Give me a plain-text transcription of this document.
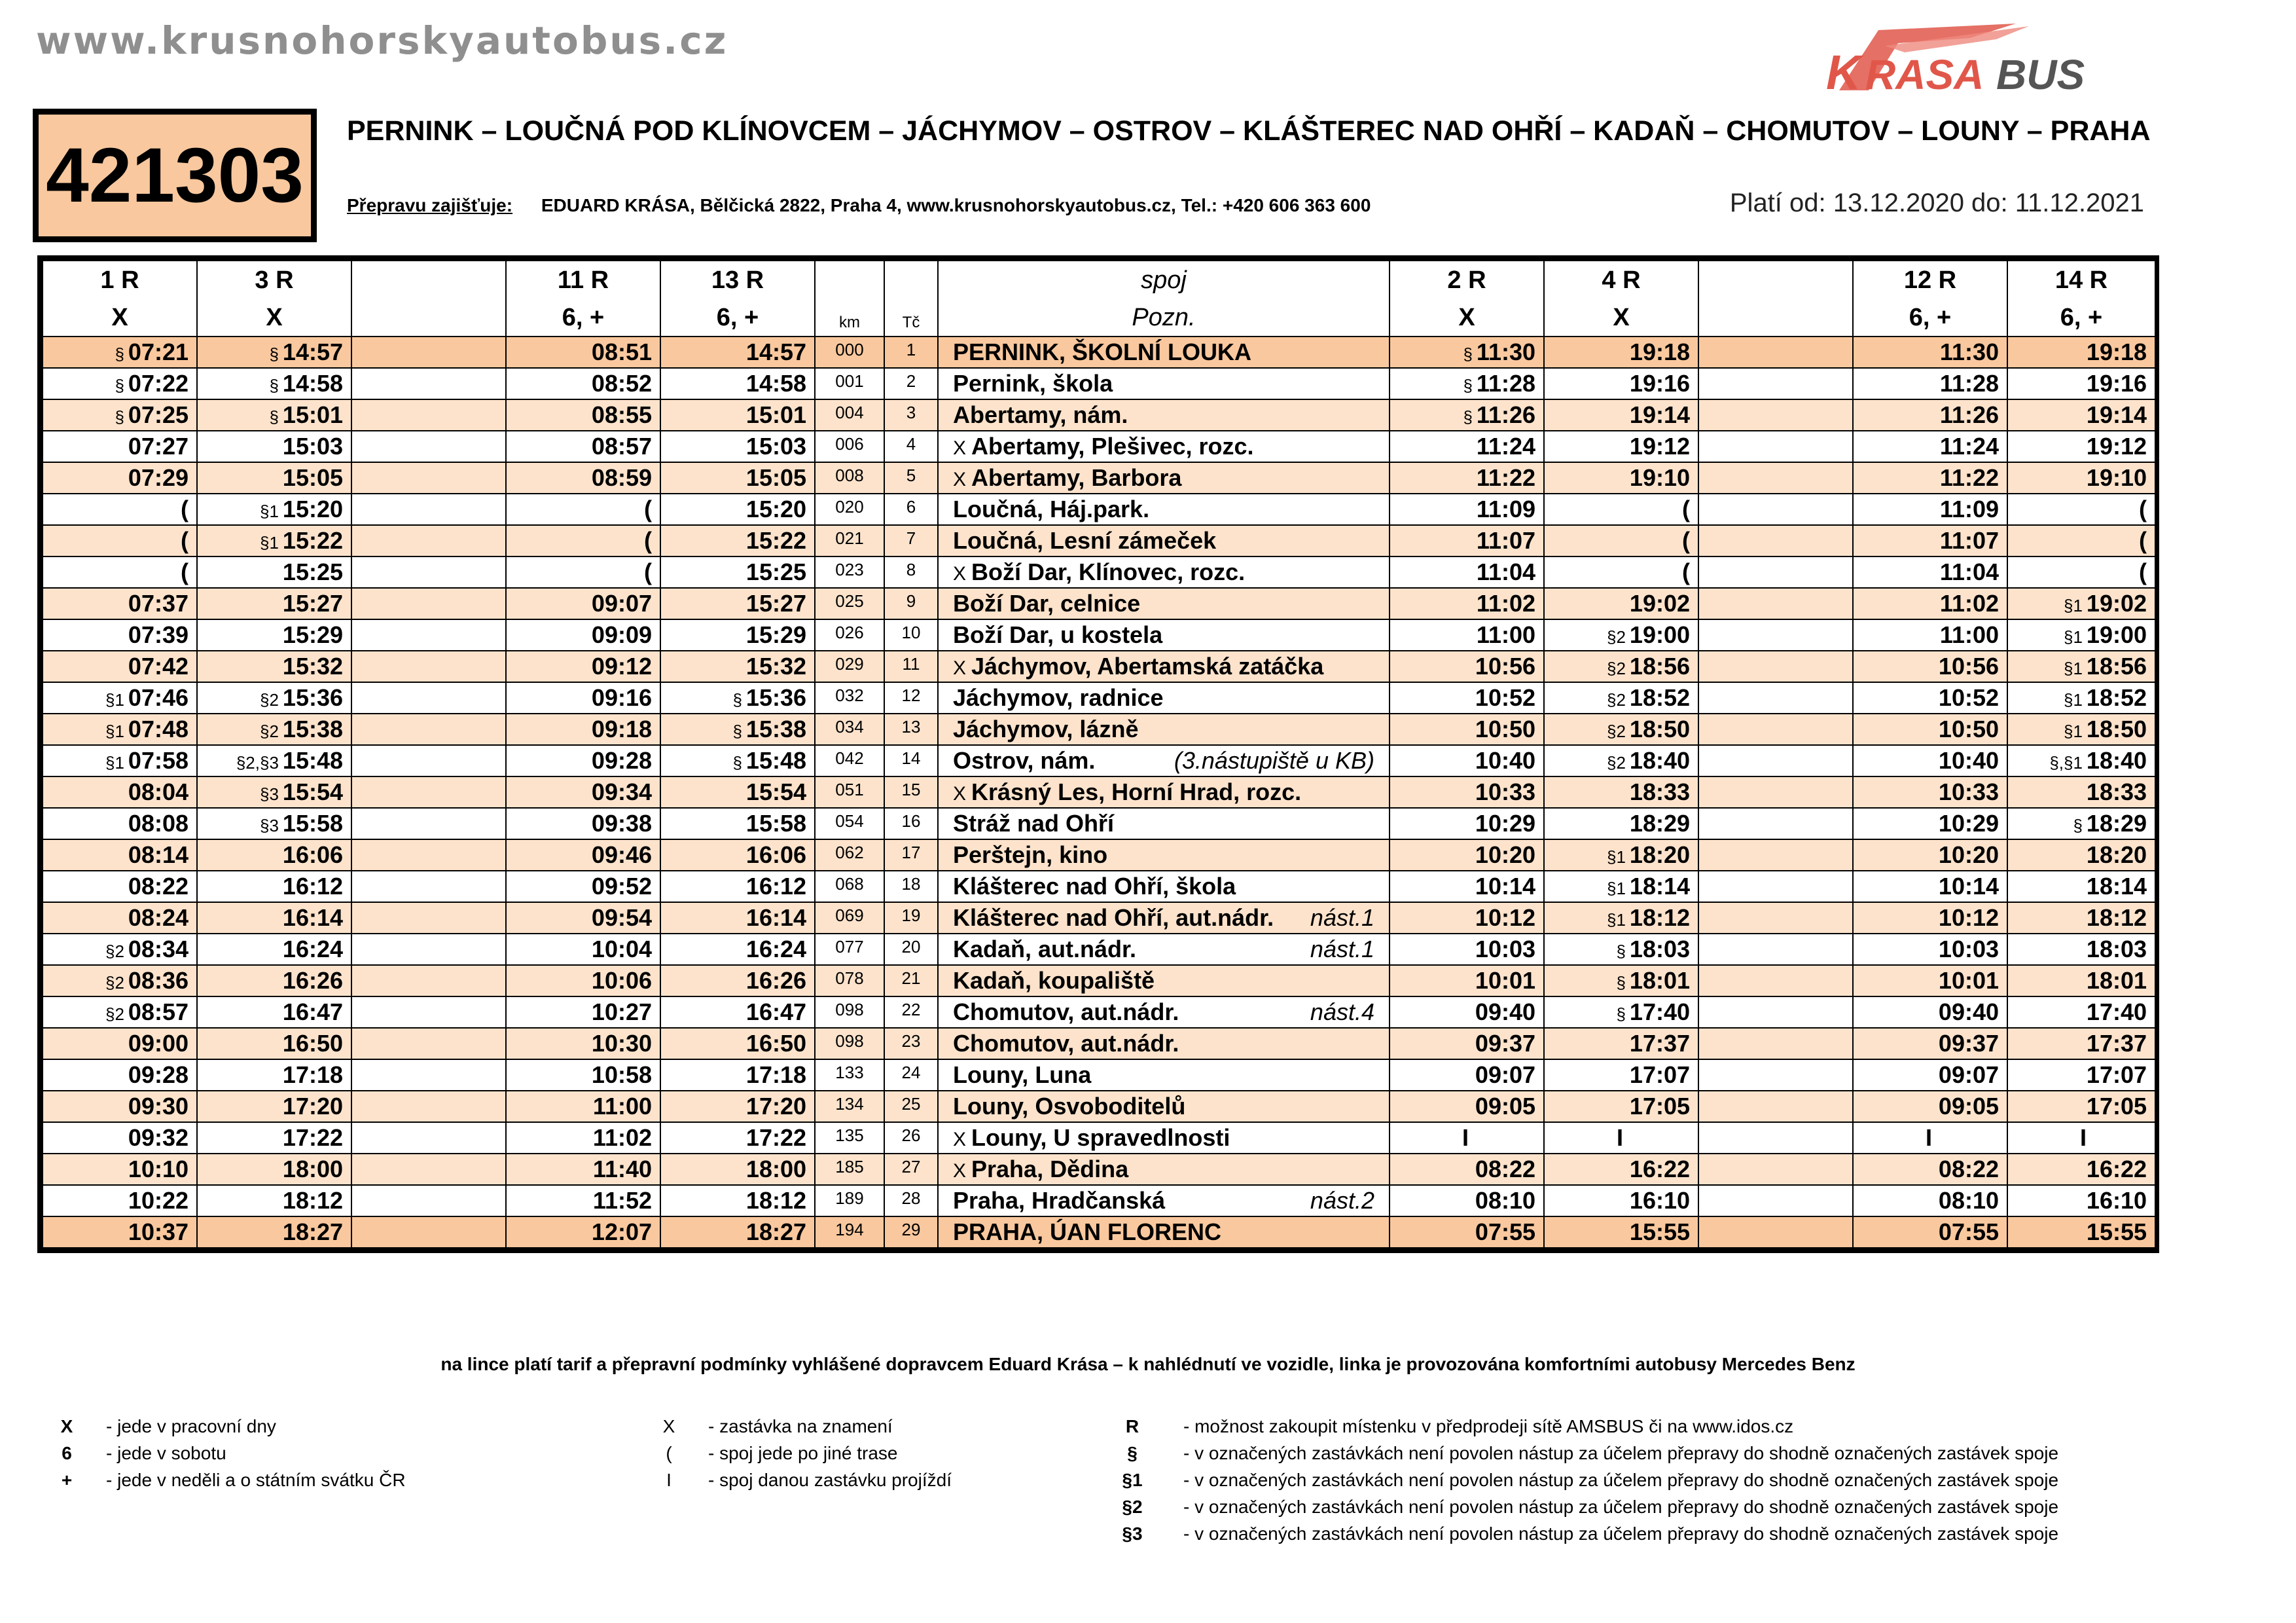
www.krusnohorskyautobus.cz
K RASA BUS
421303
PERNINK – LOUČNÁ POD KLÍNOVCEM – JÁCHYMOV – OSTROV – KLÁŠTEREC NAD OHŘÍ – KADAŇ – CHOMUTOV – LOUNY – PRAHA
Přepravu zajišťuje: EDUARD KRÁSA, Bělčická 2822, Praha 4, www.krusnohorskyautobus.cz, Tel.: +420 606 363 600	Platí od: 13.12.2020 do: 11.12.2021
1 R	3 R		11 R	13 R			spoj	2 R	4 R		12 R	14 R
X	X		6, +	6, +	km	Tč	Pozn.	X	X		6, +	6, +
§ 07:21	§ 14:57		08:51	14:57	000	1	PERNINK, ŠKOLNÍ LOUKA	§ 11:30	19:18		11:30	19:18
§ 07:22	§ 14:58		08:52	14:58	001	2	Pernink, škola	§ 11:28	19:16		11:28	19:16
§ 07:25	§ 15:01		08:55	15:01	004	3	Abertamy, nám.	§ 11:26	19:14		11:26	19:14
07:27	15:03		08:57	15:03	006	4	X Abertamy, Plešivec, rozc.	11:24	19:12		11:24	19:12
07:29	15:05		08:59	15:05	008	5	X Abertamy, Barbora	11:22	19:10		11:22	19:10
(	§1 15:20		(	15:20	020	6	Loučná, Háj.park.	11:09	(		11:09	(
(	§1 15:22		(	15:22	021	7	Loučná, Lesní zámeček	11:07	(		11:07	(
(	15:25		(	15:25	023	8	X Boží Dar, Klínovec, rozc.	11:04	(		11:04	(
07:37	15:27		09:07	15:27	025	9	Boží Dar, celnice	11:02	19:02		11:02	§1 19:02
07:39	15:29		09:09	15:29	026	10	Boží Dar, u kostela	11:00	§2 19:00		11:00	§1 19:00
07:42	15:32		09:12	15:32	029	11	X Jáchymov, Abertamská zatáčka	10:56	§2 18:56		10:56	§1 18:56
§1 07:46	§2 15:36		09:16	§ 15:36	032	12	Jáchymov, radnice	10:52	§2 18:52		10:52	§1 18:52
§1 07:48	§2 15:38		09:18	§ 15:38	034	13	Jáchymov, lázně	10:50	§2 18:50		10:50	§1 18:50
§1 07:58	§2,§3 15:48		09:28	§ 15:48	042	14	Ostrov, nám. (3.nástupiště u KB)	10:40	§2 18:40		10:40	§,§1 18:40
08:04	§3 15:54		09:34	15:54	051	15	X Krásný Les, Horní Hrad, rozc.	10:33	18:33		10:33	18:33
08:08	§3 15:58		09:38	15:58	054	16	Stráž nad Ohří	10:29	18:29		10:29	§ 18:29
08:14	16:06		09:46	16:06	062	17	Perštejn, kino	10:20	§1 18:20		10:20	18:20
08:22	16:12		09:52	16:12	068	18	Klášterec nad Ohří, škola	10:14	§1 18:14		10:14	18:14
08:24	16:14		09:54	16:14	069	19	Klášterec nad Ohří, aut.nádr. nást.1	10:12	§1 18:12		10:12	18:12
§2 08:34	16:24		10:04	16:24	077	20	Kadaň, aut.nádr. nást.1	10:03	§ 18:03		10:03	18:03
§2 08:36	16:26		10:06	16:26	078	21	Kadaň, koupaliště	10:01	§ 18:01		10:01	18:01
§2 08:57	16:47		10:27	16:47	098	22	Chomutov, aut.nádr. nást.4	09:40	§ 17:40		09:40	17:40
09:00	16:50		10:30	16:50	098	23	Chomutov, aut.nádr.	09:37	17:37		09:37	17:37
09:28	17:18		10:58	17:18	133	24	Louny, Luna	09:07	17:07		09:07	17:07
09:30	17:20		11:00	17:20	134	25	Louny, Osvoboditelů	09:05	17:05		09:05	17:05
09:32	17:22		11:02	17:22	135	26	X Louny, U spravedlnosti	I	I		I	I
10:10	18:00		11:40	18:00	185	27	X Praha, Dědina	08:22	16:22		08:22	16:22
10:22	18:12		11:52	18:12	189	28	Praha, Hradčanská nást.2	08:10	16:10		08:10	16:10
10:37	18:27		12:07	18:27	194	29	PRAHA, ÚAN FLORENC	07:55	15:55		07:55	15:55
na lince platí tarif a přepravní podmínky vyhlášené dopravcem Eduard Krása – k nahlédnutí ve vozidle, linka je provozována komfortními autobusy Mercedes Benz
X	- jede v pracovní dny
6	- jede v sobotu
+	- jede v neděli a o státním svátku ČR
X	- zastávka na znamení
(	- spoj jede po jiné trase
I	- spoj danou zastávku projíždí
R	- možnost zakoupit místenku v předprodeji sítě AMSBUS či na www.idos.cz
§	- v označených zastávkách není povolen nástup za účelem přepravy do shodně označených zastávek spoje
§1	- v označených zastávkách není povolen nástup za účelem přepravy do shodně označených zastávek spoje
§2	- v označených zastávkách není povolen nástup za účelem přepravy do shodně označených zastávek spoje
§3	- v označených zastávkách není povolen nástup za účelem přepravy do shodně označených zastávek spoje
